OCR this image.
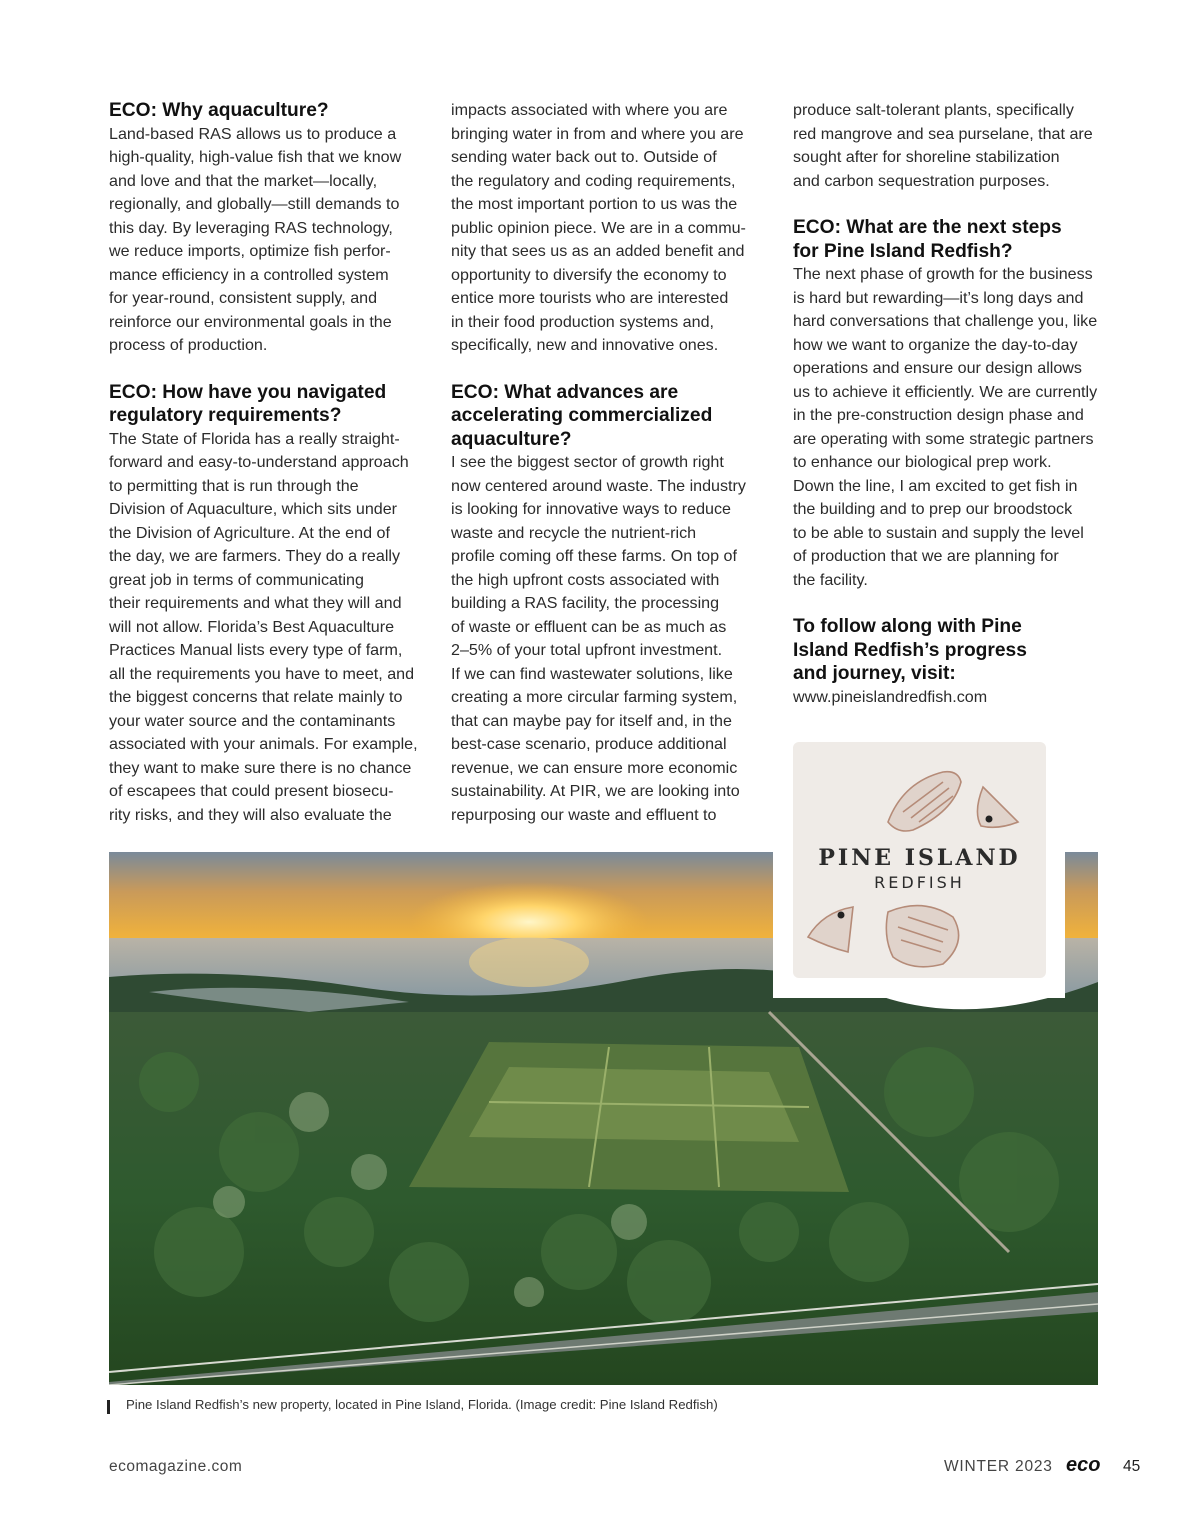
ECO: Why aquaculture?

Land-based RAS allows us to produce a
high-quality, high-value fish that we know
and love and that the market—locally,
regionally, and globally—still demands to
this day. By leveraging RAS technology,
we reduce imports, optimize fish perfor-
mance efficiency in a controlled system
for year-round, consistent supply, and
reinforce our environmental goals in the
process of production.

ECO: How have you navigated
regulatory requirements?

The State of Florida has a really straight-
forward and easy-to-understand approach
to permitting that is run through the
Division of Aquaculture, which sits under
the Division of Agriculture. At the end of
the day, we are farmers. They do a really
great job in terms of communicating
their requirements and what they will and
will not allow. Florida’s Best Aquaculture
Practices Manual lists every type of farm,
all the requirements you have to meet, and
the biggest concerns that relate mainly to
your water source and the contaminants
associated with your animals. For example,
they want to make sure there is no chance
of escapees that could present biosecu-
rity risks, and they will also evaluate the

impacts associated with where you are
bringing water in from and where you are
sending water back out to. Outside of
the regulatory and coding requirements,
the most important portion to us was the
public opinion piece. We are in a commu-
nity that sees us as an added benefit and
opportunity to diversify the economy to
entice more tourists who are interested
in their food production systems and,
specifically, new and innovative ones.

ECO: What advances are
accelerating commercialized
aquaculture?

I see the biggest sector of growth right
now centered around waste. The industry
is looking for innovative ways to reduce
waste and recycle the nutrient-rich
profile coming off these farms. On top of
the high upfront costs associated with
building a RAS facility, the processing
of waste or effluent can be as much as
2–5% of your total upfront investment.
If we can find wastewater solutions, like
creating a more circular farming system,
that can maybe pay for itself and, in the
best-case scenario, produce additional
revenue, we can ensure more economic
sustainability. At PIR, we are looking into
repurposing our waste and effluent to

produce salt-tolerant plants, specifically
red mangrove and sea purselane, that are
sought after for shoreline stabilization
and carbon sequestration purposes.

ECO: What are the next steps
for Pine Island Redfish?

The next phase of growth for the business
is hard but rewarding—it’s long days and
hard conversations that challenge you, like
how we want to organize the day-to-day
operations and ensure our design allows
us to achieve it efficiently. We are currently
in the pre-construction design phase and
are operating with some strategic partners
to enhance our biological prep work.
Down the line, I am excited to get fish in
the building and to prep our broodstock
to be able to sustain and supply the level
of production that we are planning for
the facility.

To follow along with Pine
Island Redfish’s progress
and journey, visit:

www.pineislandredfish.com

PINE ISLAND
REDFISH
Pine Island Redfish’s new property, located in Pine Island, Florida. (Image credit: Pine Island Redfish)
ecomagazine.com	WINTER 2023 eco 45
